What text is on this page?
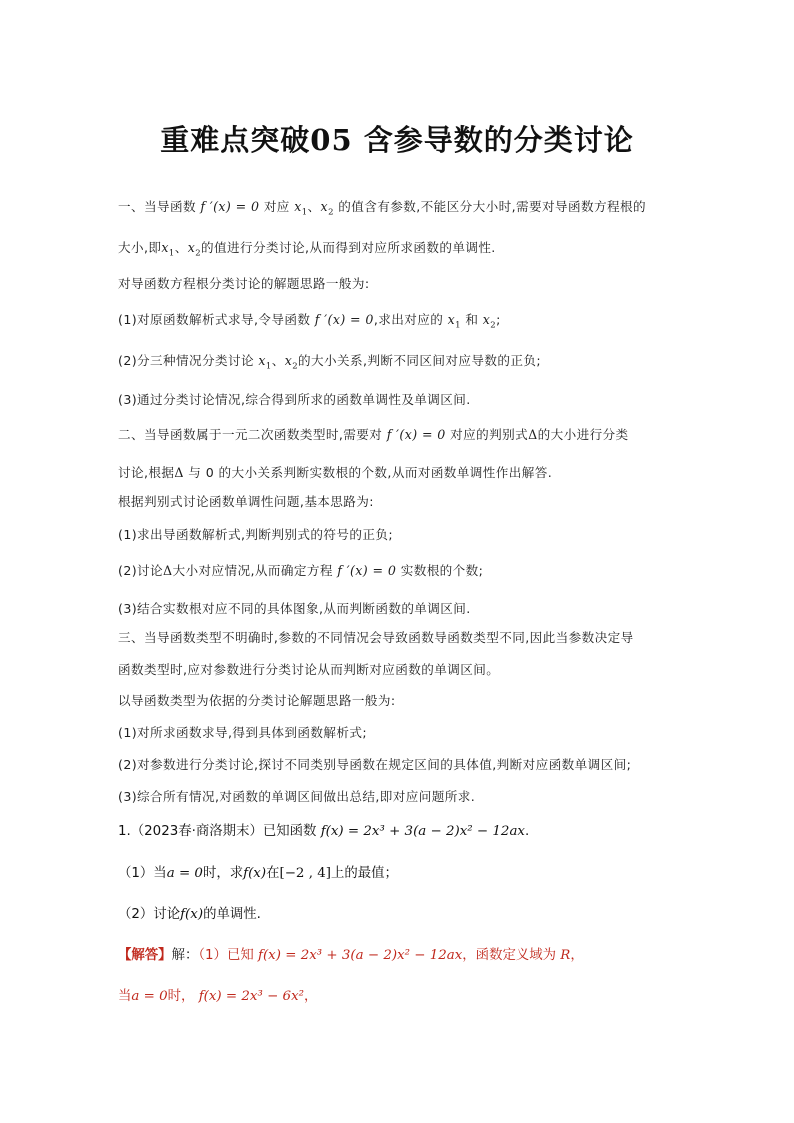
重难点突破05 含参导数的分类讨论
一、当导函数 f ′(x) = 0 对应 $x_1$、$x_2$ 的值含有参数,不能区分大小时,需要对导函数方程根的
大小,即$x_1$、$x_2$的值进行分类讨论,从而得到对应所求函数的单调性.
对导函数方程根分类讨论的解题思路一般为:
(1)对原函数解析式求导,令导函数 f ′(x) = 0,求出对应的 $x_1$ 和 $x_2$;
(2)分三种情况分类讨论 $x_1$、$x_2$的大小关系,判断不同区间对应导数的正负;
(3)通过分类讨论情况,综合得到所求的函数单调性及单调区间.
二、当导函数属于一元二次函数类型时,需要对 f ′(x) = 0 对应的判别式Δ的大小进行分类
讨论,根据Δ 与 0 的大小关系判断实数根的个数,从而对函数单调性作出解答.
根据判别式讨论函数单调性问题,基本思路为:
(1)求出导函数解析式,判断判别式的符号的正负;
(2)讨论Δ大小对应情况,从而确定方程 f ′(x) = 0 实数根的个数;
(3)结合实数根对应不同的具体图象,从而判断函数的单调区间.
三、当导函数类型不明确时,参数的不同情况会导致函数导函数类型不同,因此当参数决定导
函数类型时,应对参数进行分类讨论从而判断对应函数的单调区间。
以导函数类型为依据的分类讨论解题思路一般为:
(1)对所求函数求导,得到具体到函数解析式;
(2)对参数进行分类讨论,探讨不同类别导函数在规定区间的具体值,判断对应函数单调区间;
(3)综合所有情况,对函数的单调区间做出总结,即对应问题所求.
1.（2023春·商洛期末）已知函数 f(x) = 2x³ + 3(a − 2)x² − 12ax.
（1）当a = 0时，求f(x)在[−2 , 4]上的最值；
（2）讨论f(x)的单调性.
【解答】解：（1）已知 f(x) = 2x³ + 3(a − 2)x² − 12ax，函数定义域为 R，
当a = 0时， f(x) = 2x³ − 6x²，
